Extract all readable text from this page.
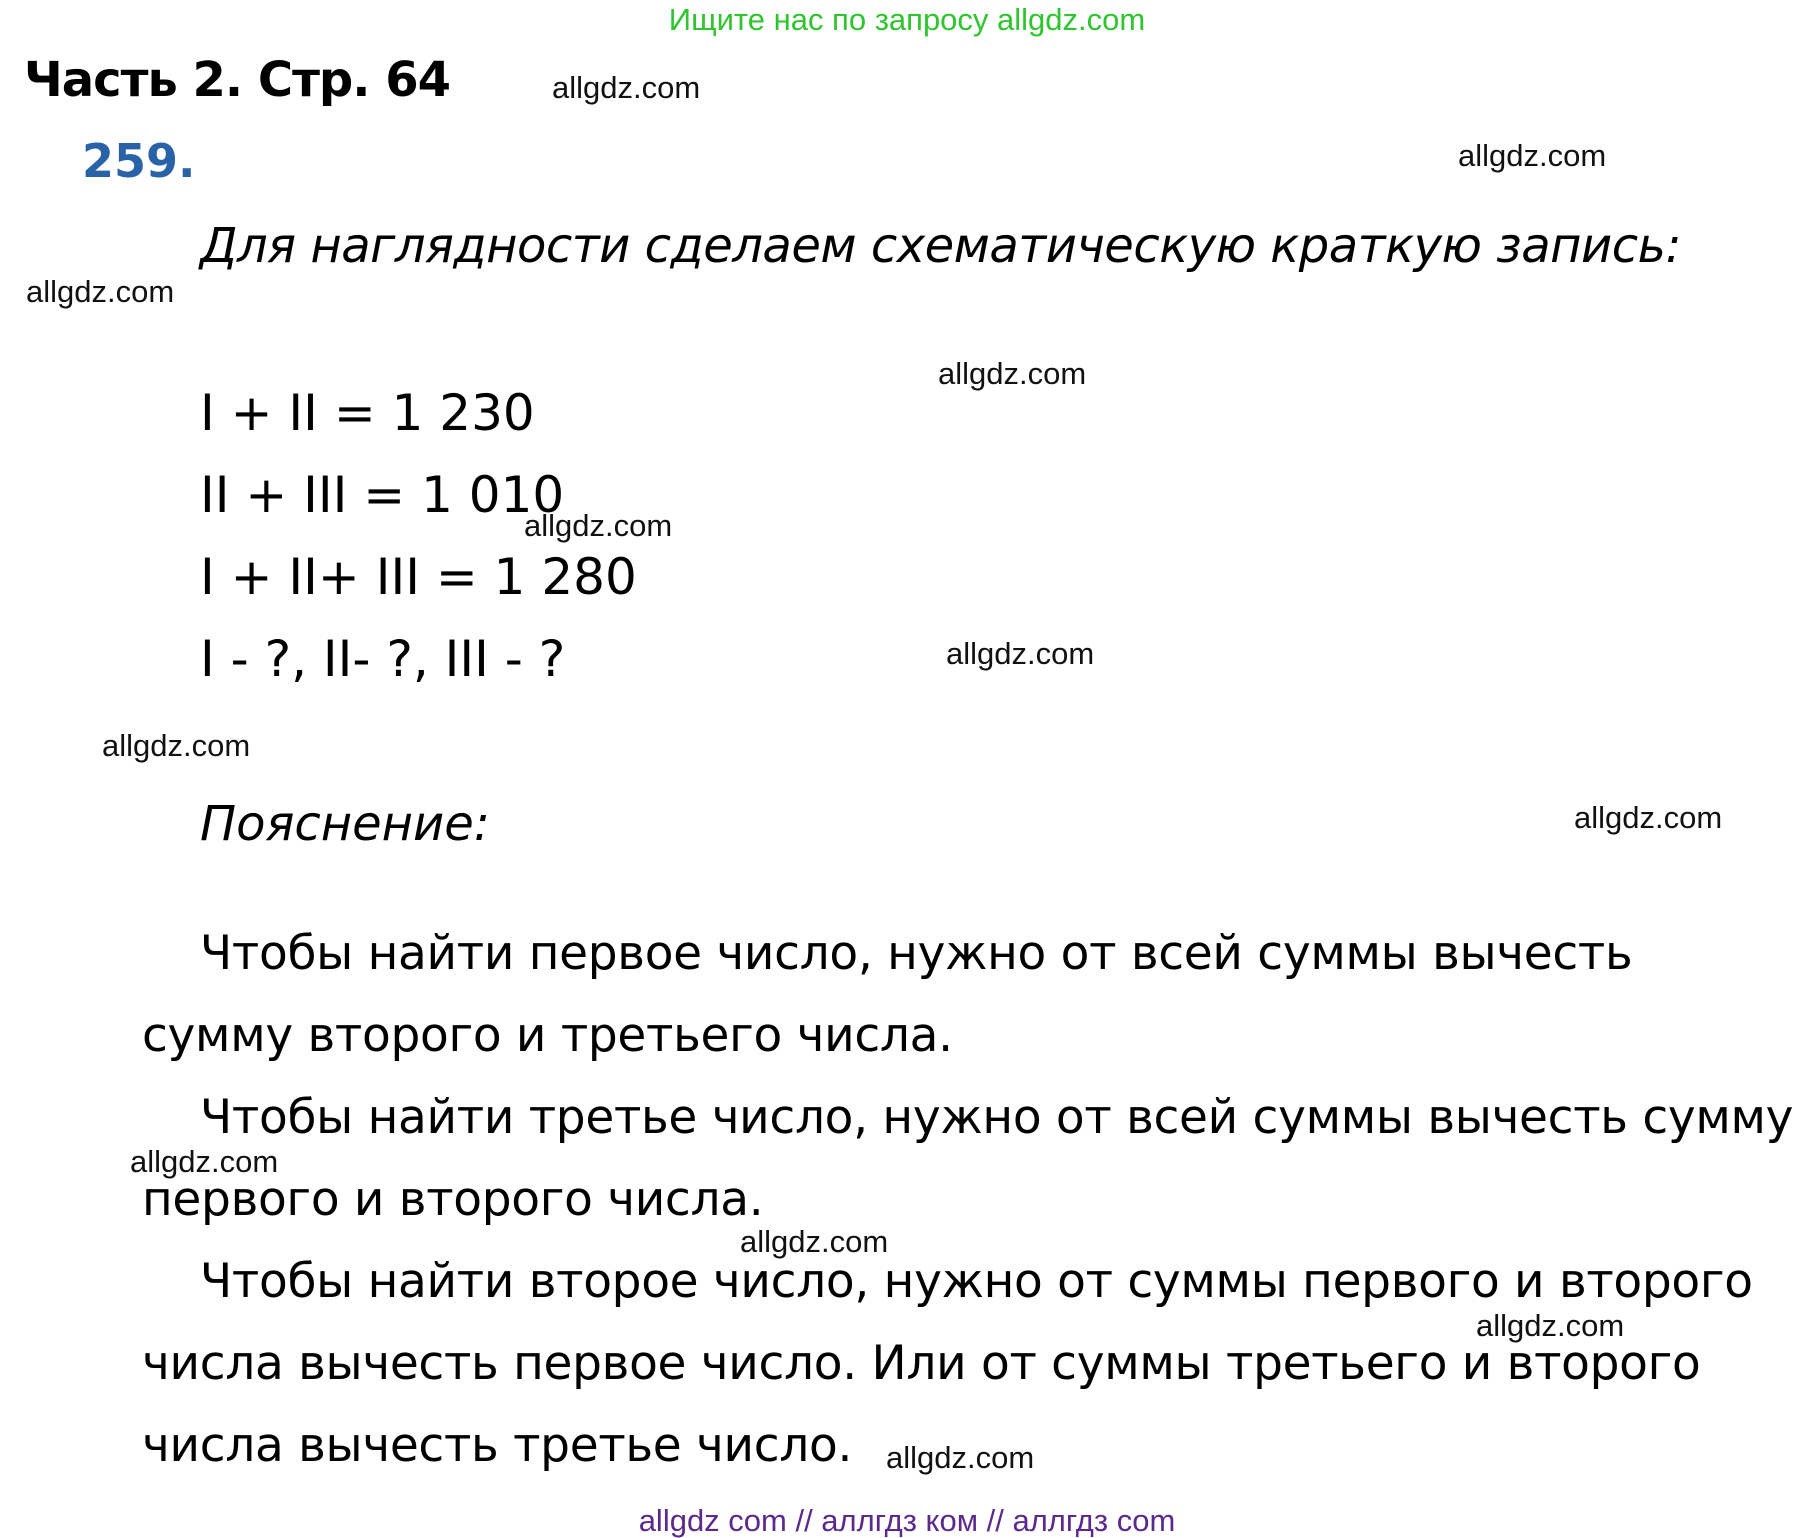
Ищите нас по запросу allgdz.com
Часть 2. Стр. 64
259.
Для наглядности сделаем схематическую краткую запись:
I + II = 1 230
II + III = 1 010
I + II+ III = 1 280
I - ?, II- ?, III - ?
Пояснение:
Чтобы найти первое число, нужно от всей суммы вычесть
сумму второго и третьего числа.
Чтобы найти третье число, нужно от всей суммы вычесть сумму
первого и второго числа.
Чтобы найти второе число, нужно от суммы первого и второго
числа вычесть первое число. Или от суммы третьего и второго
числа вычесть третье число.
allgdz.com
allgdz.com
allgdz.com
allgdz.com
allgdz.com
allgdz.com
allgdz.com
allgdz.com
allgdz.com
allgdz.com
allgdz.com
allgdz.com
allgdz com // аллгдз ком // аллгдз com
